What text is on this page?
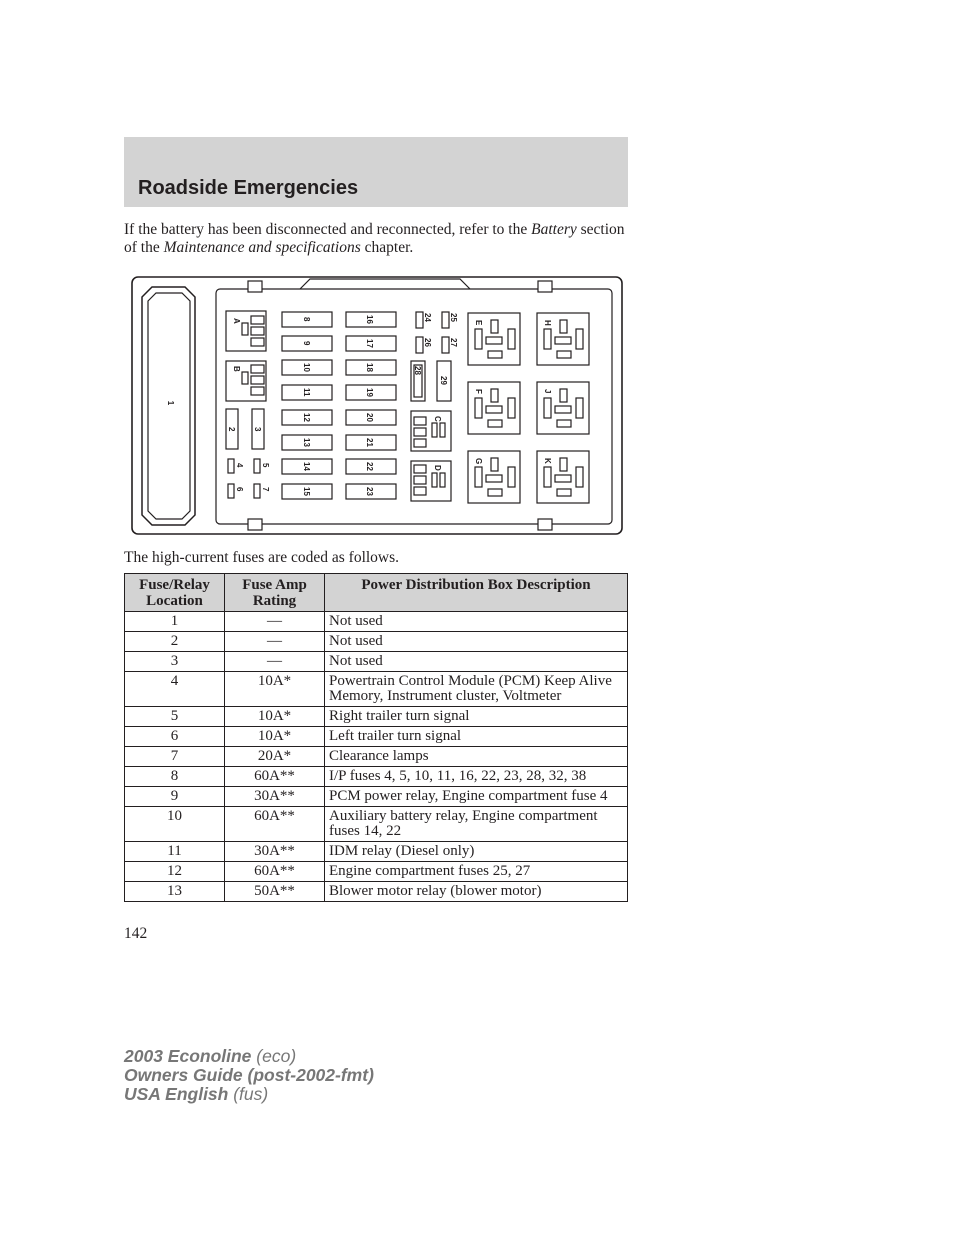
Roadside Emergencies

If the battery has been disconnected and reconnected, refer to the Battery section of the Maintenance and specifications chapter.

1
A
B
2 3
4 5
6 7
8
9
10
11
12
13
14
15
16
17
18
19
20
21
22
23
24 25
26 27
28
29
C
D
E
F
G
H
J
K

The high-current fuses are coded as follows.

Fuse/Relay Location	Fuse Amp Rating	Power Distribution Box Description
1	—	Not used
2	—	Not used
3	—	Not used
4	10A*	Powertrain Control Module (PCM) Keep Alive Memory, Instrument cluster, Voltmeter
5	10A*	Right trailer turn signal
6	10A*	Left trailer turn signal
7	20A*	Clearance lamps
8	60A**	I/P fuses 4, 5, 10, 11, 16, 22, 23, 28, 32, 38
9	30A**	PCM power relay, Engine compartment fuse 4
10	60A**	Auxiliary battery relay, Engine compartment fuses 14, 22
11	30A**	IDM relay (Diesel only)
12	60A**	Engine compartment fuses 25, 27
13	50A**	Blower motor relay (blower motor)

142

2003 Econoline (eco)
Owners Guide (post-2002-fmt)
USA English (fus)
